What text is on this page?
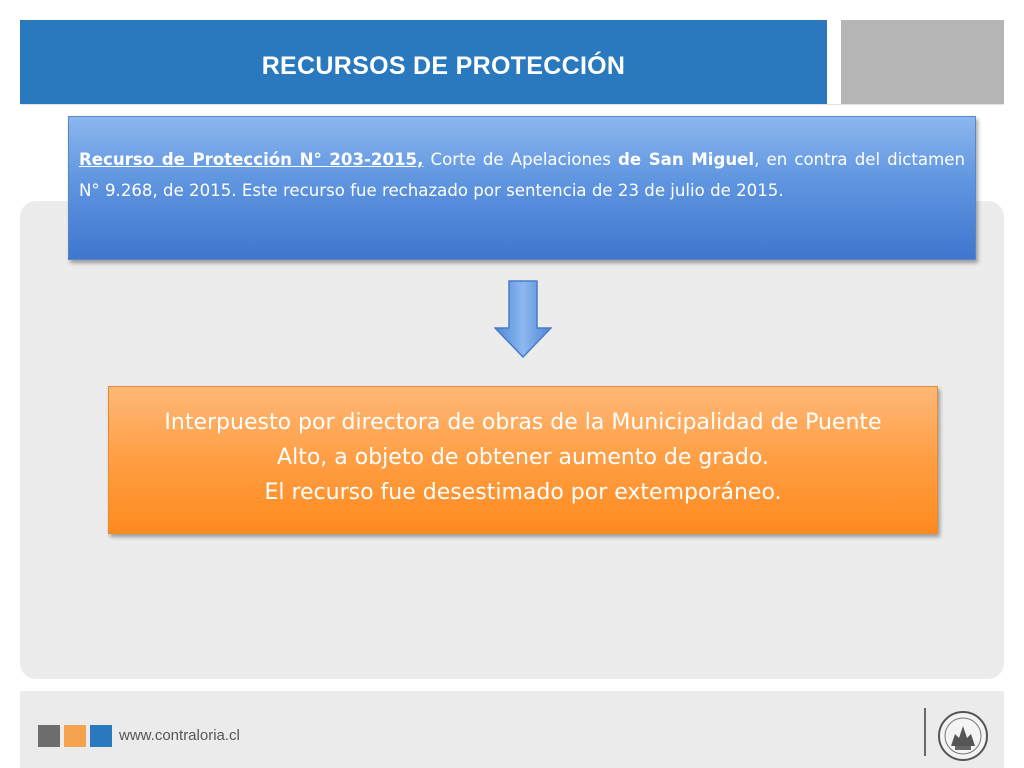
RECURSOS DE PROTECCIÓN

Recurso de Protección N° 203-2015, Corte de Apelaciones de San Miguel, en contra del dictamen N° 9.268, de 2015. Este recurso fue rechazado por sentencia de 23 de julio de 2015.

Interpuesto por directora de obras de la Municipalidad de Puente
Alto, a objeto de obtener aumento de grado.
El recurso fue desestimado por extemporáneo.
www.contraloria.cl
